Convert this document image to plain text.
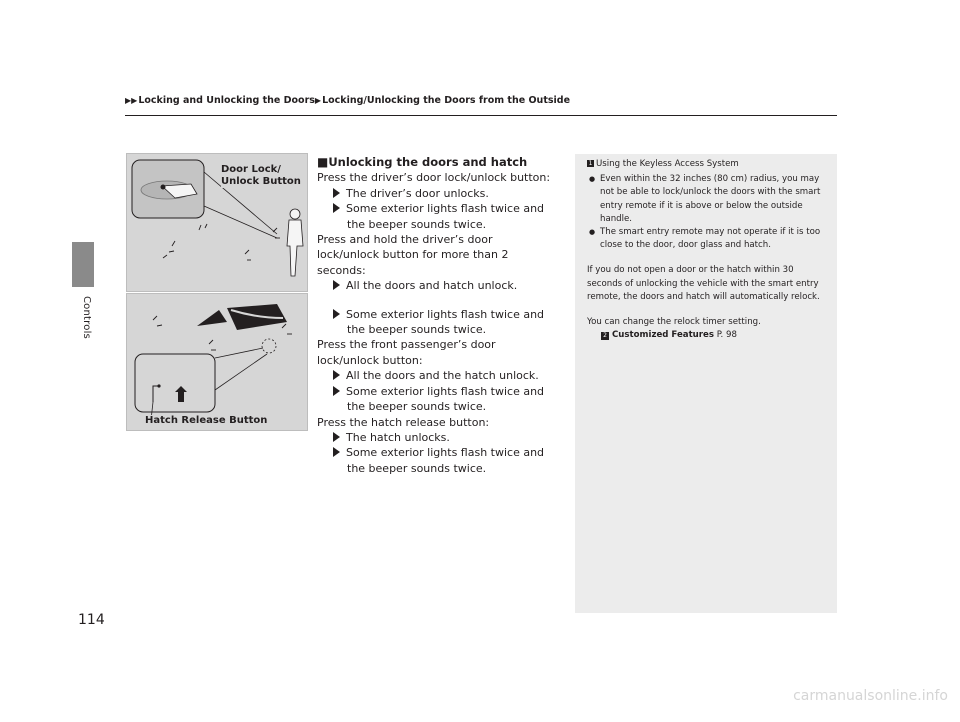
▶▶Locking and Unlocking the Doors▶Locking/Unlocking the Doors from the Outside
Controls
114
Door Lock/
Unlock Button
Hatch Release Button

■Unlocking the doors and hatch

Press the driver’s door lock/unlock button:

The driver’s door unlocks.

Some exterior lights flash twice and the beeper sounds twice.

Press and hold the driver’s door lock/unlock button for more than 2 seconds:

All the doors and hatch unlock.

Some exterior lights flash twice and the beeper sounds twice.

Press the front passenger’s door lock/unlock button:

All the doors and the hatch unlock.

Some exterior lights flash twice and the beeper sounds twice.

Press the hatch release button:

The hatch unlocks.

Some exterior lights flash twice and the beeper sounds twice.

1 Using the Keyless Access System
● Even within the 32 inches (80 cm) radius, you may not be able to lock/unlock the doors with the smart entry remote if it is above or below the outside handle.
● The smart entry remote may not operate if it is too close to the door, door glass and hatch.

If you do not open a door or the hatch within 30 seconds of unlocking the vehicle with the smart entry remote, the doors and hatch will automatically relock.

You can change the relock timer setting.

2 Customized Features P. 98

carmanualsonline.info
